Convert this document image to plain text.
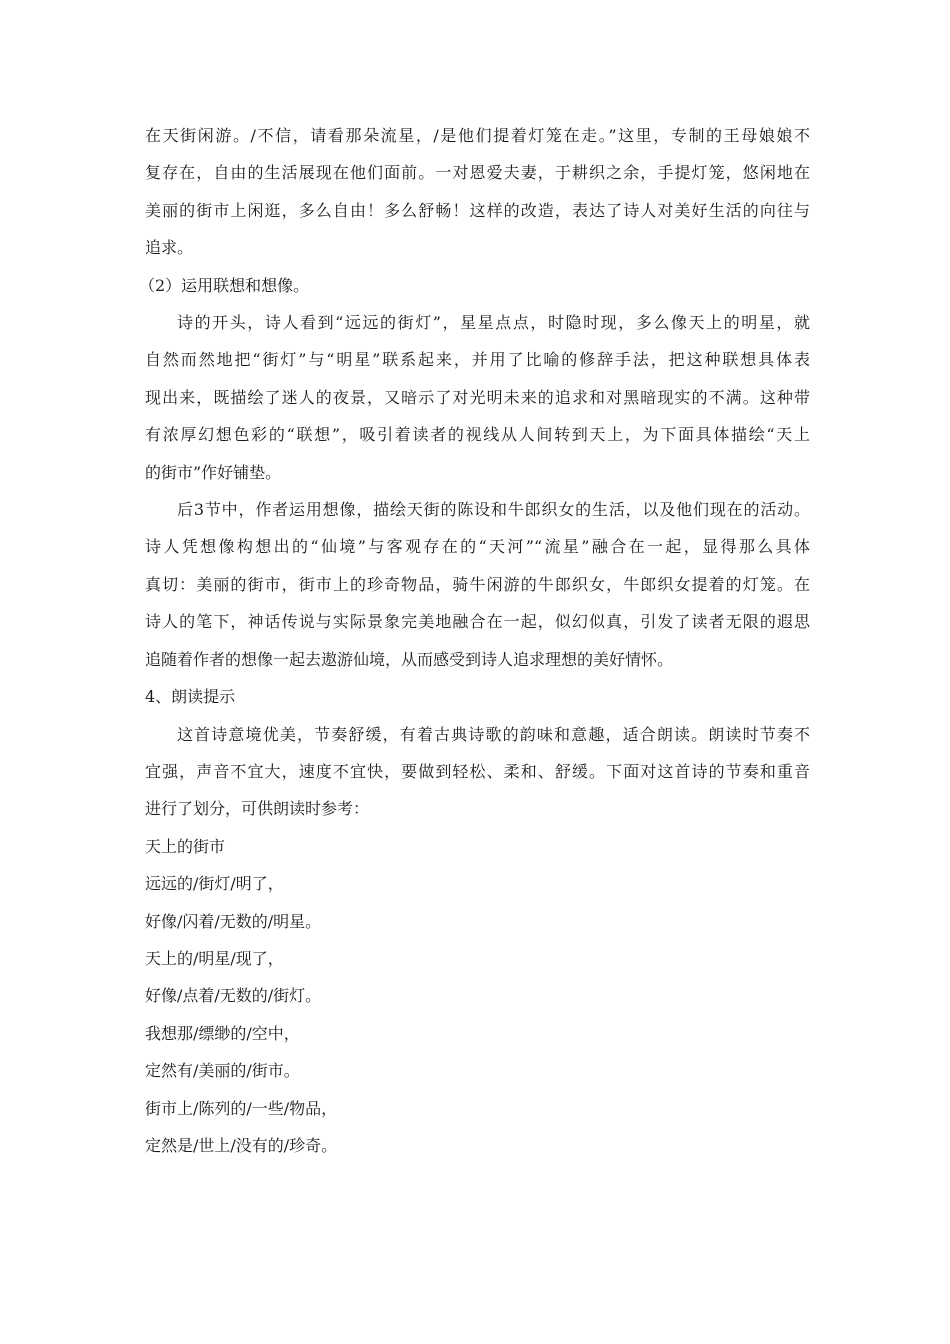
在天街闲游。/不信，请看那朵流星，/是他们提着灯笼在走。”这里，专制的王母娘娘不
复存在，自由的生活展现在他们面前。一对恩爱夫妻，于耕织之余，手提灯笼，悠闲地在
美丽的街市上闲逛，多么自由！多么舒畅！这样的改造，表达了诗人对美好生活的向往与
追求。
（2）运用联想和想像。
诗的开头，诗人看到“远远的街灯”，星星点点，时隐时现，多么像天上的明星，就
自然而然地把“街灯”与“明星”联系起来，并用了比喻的修辞手法，把这种联想具体表
现出来，既描绘了迷人的夜景，又暗示了对光明未来的追求和对黑暗现实的不满。这种带
有浓厚幻想色彩的“联想”，吸引着读者的视线从人间转到天上，为下面具体描绘“天上
的街市”作好铺垫。
后3节中，作者运用想像，描绘天街的陈设和牛郎织女的生活，以及他们现在的活动。
诗人凭想像构想出的“仙境”与客观存在的“天河”“流星”融合在一起，显得那么具体
真切：美丽的街市，街市上的珍奇物品，骑牛闲游的牛郎织女，牛郎织女提着的灯笼。在
诗人的笔下，神话传说与实际景象完美地融合在一起，似幻似真，引发了读者无限的遐思
追随着作者的想像一起去遨游仙境，从而感受到诗人追求理想的美好情怀。
4、朗读提示
这首诗意境优美，节奏舒缓，有着古典诗歌的韵味和意趣，适合朗读。朗读时节奏不
宜强，声音不宜大，速度不宜快，要做到轻松、柔和、舒缓。下面对这首诗的节奏和重音
进行了划分，可供朗读时参考：
天上的街市
远远的/街灯/明了，
好像/闪着/无数的/明星。
天上的/明星/现了，
好像/点着/无数的/街灯。
我想那/缥缈的/空中，
定然有/美丽的/街市。
街市上/陈列的/一些/物品，
定然是/世上/没有的/珍奇。
